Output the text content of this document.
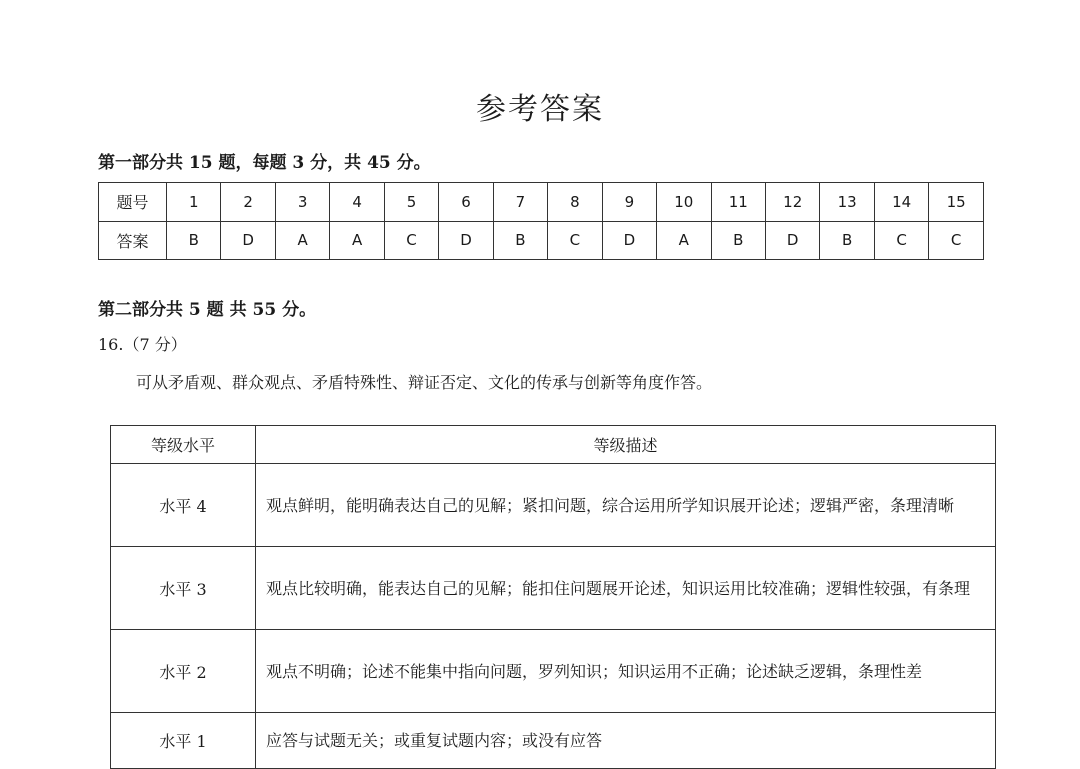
参考答案
第一部分共 15 题，每题 3 分，共 45 分。
题号	1	2	3	4	5	6	7	8	9	10	11	12	13	14	15
答案	B	D	A	A	C	D	B	C	D	A	B	D	B	C	C
第二部分共 5 题 共 55 分。
16.（7 分）
可从矛盾观、群众观点、矛盾特殊性、辩证否定、文化的传承与创新等角度作答。
等级水平	等级描述
水平 4	观点鲜明，能明确表达自己的见解；紧扣问题，综合运用所学知识展开论述；逻辑严密，条理清晰
水平 3	观点比较明确，能表达自己的见解；能扣住问题展开论述，知识运用比较准确；逻辑性较强，有条理
水平 2	观点不明确；论述不能集中指向问题，罗列知识；知识运用不正确；论述缺乏逻辑，条理性差
水平 1	应答与试题无关；或重复试题内容；或没有应答
